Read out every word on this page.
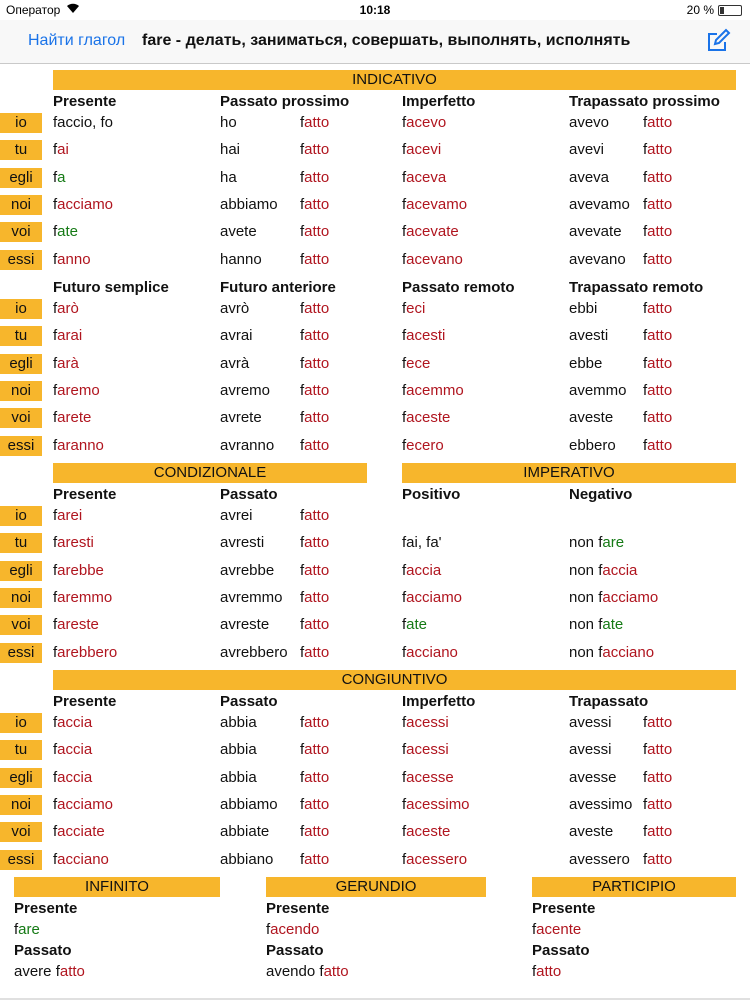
Оператор	10:18	20 %
Найти глагол fare - делать, заниматься, совершать, выполнять, исполнять
INDICATIVO
Presente	Passato prossimo	Imperfetto	Trapassato prossimo
io	faccio, fo	ho	fatto	facevo	avevo fatto
tu	fai	hai	fatto	facevi	avevi	fatto
egli	fa	ha	fatto	faceva	aveva fatto
noi	facciamo	abbiamo fatto	facevamo	avevamo fatto
voi	fate	avete	fatto	facevate	avevate fatto
essi	fanno	hanno	fatto	facevano	avevano fatto
Futuro semplice	Futuro anteriore	Passato remoto	Trapassato remoto
io	farò	avrò	fatto	feci	ebbi	fatto
tu	farai	avrai	fatto	facesti	avesti fatto
egli	farà	avrà	fatto	fece	ebbe	fatto
noi	faremo	avremo fatto	facemmo	avemmo fatto
voi	farete	avrete	fatto	faceste	aveste fatto
essi	faranno	avranno fatto	fecero	ebbero fatto
CONDIZIONALE	IMPERATIVO
Presente	Passato	Positivo	Negativo
io	farei	avrei	fatto
tu	faresti	avresti fatto	fai, fa'	non fare
egli	farebbe	avrebbe fatto	faccia	non faccia
noi	faremmo	avremmo fatto	facciamo	non facciamo
voi	fareste	avreste fatto	fate	non fate
essi	farebbero	avrebbero fatto	facciano	non facciano
CONGIUNTIVO
Presente	Passato	Imperfetto	Trapassato
io	faccia	abbia	fatto	facessi	avessi fatto
tu	faccia	abbia	fatto	facessi	avessi fatto
egli	faccia	abbia	fatto	facesse	avesse fatto
noi	facciamo	abbiamo fatto	facessimo	avessimo fatto
voi	facciate	abbiate fatto	faceste	aveste fatto
essi	facciano	abbiano fatto	facessero	avessero fatto
INFINITO
Presente
fare
Passato
avere fatto
GERUNDIO
Presente
facendo
Passato
avendo fatto
PARTICIPIO
Presente
facente
Passato
fatto
